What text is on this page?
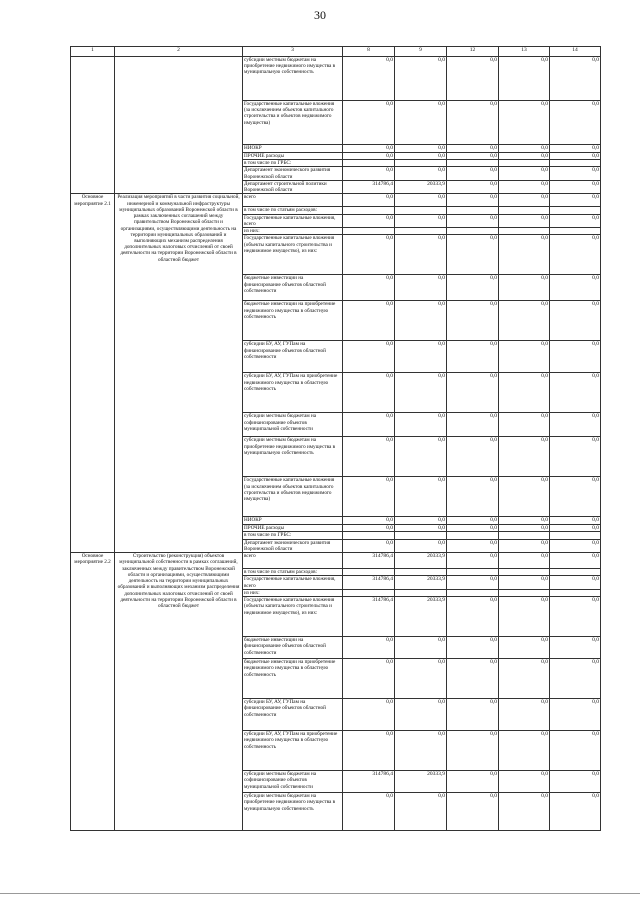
30
1	2	3	8	9	12	13	14
		субсидии местным бюджетам на приобретение недвижимого имущества в муниципальную собственность	0,0	0,0	0,0	0,0	0,0
		Государственные капитальные вложения (за исключением объектов капитального строительства и объектов недвижимого имущества)	0,0	0,0	0,0	0,0	0,0
		НИОКР	0,0	0,0	0,0	0,0	0,0
		ПРОЧИЕ расходы	0,0	0,0	0,0	0,0	0,0
		в том числе по ГРБС:					
		Департамент экономического развития Воронежской области	0,0	0,0	0,0	0,0	0,0
		Департамент строительной политики Воронежской области	314786,4	20333,9	0,0	0,0	0,0
Основное мероприятие 2.1	Реализация мероприятий в части развития социальной, инженерной и коммунальной инфраструктуры муниципальных образований Воронежской области в рамках заключенных соглашений между правительством Воронежской области и организациями, осуществляющими деятельность на территории муниципальных образований и выполняющих механизм распределения дополнительных налоговых отчислений от своей деятельности на территории Воронежской области в областной бюджет	всего	0,0	0,0	0,0	0,0	0,0
		в том числе по статьям расходов:					
		Государственные капитальные вложения, всего	0,0	0,0	0,0	0,0	0,0
		из них:					
		Государственные капитальные вложения (объекты капитального строительства и недвижимое имущество), из них:	0,0	0,0	0,0	0,0	0,0
		бюджетные инвестиции на финансирование объектов областной собственности	0,0	0,0	0,0	0,0	0,0
		бюджетные инвестиции на приобретение недвижимого имущества в областную собственность	0,0	0,0	0,0	0,0	0,0
		субсидии БУ, АУ, ГУПам на финансирование объектов областной собственности	0,0	0,0	0,0	0,0	0,0
		субсидии БУ, АУ, ГУПам на приобретение недвижимого имущества в областную собственность	0,0	0,0	0,0	0,0	0,0
		субсидии местным бюджетам на софинансирование объектов муниципальной собственности	0,0	0,0	0,0	0,0	0,0
		субсидии местным бюджетам на приобретение недвижимого имущества в муниципальную собственность	0,0	0,0	0,0	0,0	0,0
		Государственные капитальные вложения (за исключением объектов капитального строительства и объектов недвижимого имущества)	0,0	0,0	0,0	0,0	0,0
		НИОКР	0,0	0,0	0,0	0,0	0,0
		ПРОЧИЕ расходы	0,0	0,0	0,0	0,0	0,0
		в том числе по ГРБС:					
		Департамент экономического развития Воронежской области	0,0	0,0	0,0	0,0	0,0
Основное мероприятие 2.2	Строительство (реконструкция) объектов муниципальной собственности в рамках соглашений, заключенных между правительством Воронежской области и организациями, осуществляющими деятельность на территории муниципальных образований и выполняющих механизм распределения дополнительных налоговых отчислений от своей деятельности на территории Воронежской области в областной бюджет	всего	314786,4	20333,9	0,0	0,0	0,0
		в том числе по статьям расходов:					
		Государственные капитальные вложения, всего	314786,4	20333,9	0,0	0,0	0,0
		из них:					
		Государственные капитальные вложения (объекты капитального строительства и недвижимое имущество), из них:	314786,4	20333,9	0,0	0,0	0,0
		бюджетные инвестиции на финансирование объектов областной собственности	0,0	0,0	0,0	0,0	0,0
		бюджетные инвестиции на приобретение недвижимого имущества в областную собственность	0,0	0,0	0,0	0,0	0,0
		субсидии БУ, АУ, ГУПам на финансирование объектов областной собственности	0,0	0,0	0,0	0,0	0,0
		субсидии БУ, АУ, ГУПам на приобретение недвижимого имущества в областную собственность	0,0	0,0	0,0	0,0	0,0
		субсидии местным бюджетам на софинансирование объектов муниципальной собственности	314786,4	20333,9	0,0	0,0	0,0
		субсидии местным бюджетам на приобретение недвижимого имущества в муниципальную собственность	0,0	0,0	0,0	0,0	0,0
